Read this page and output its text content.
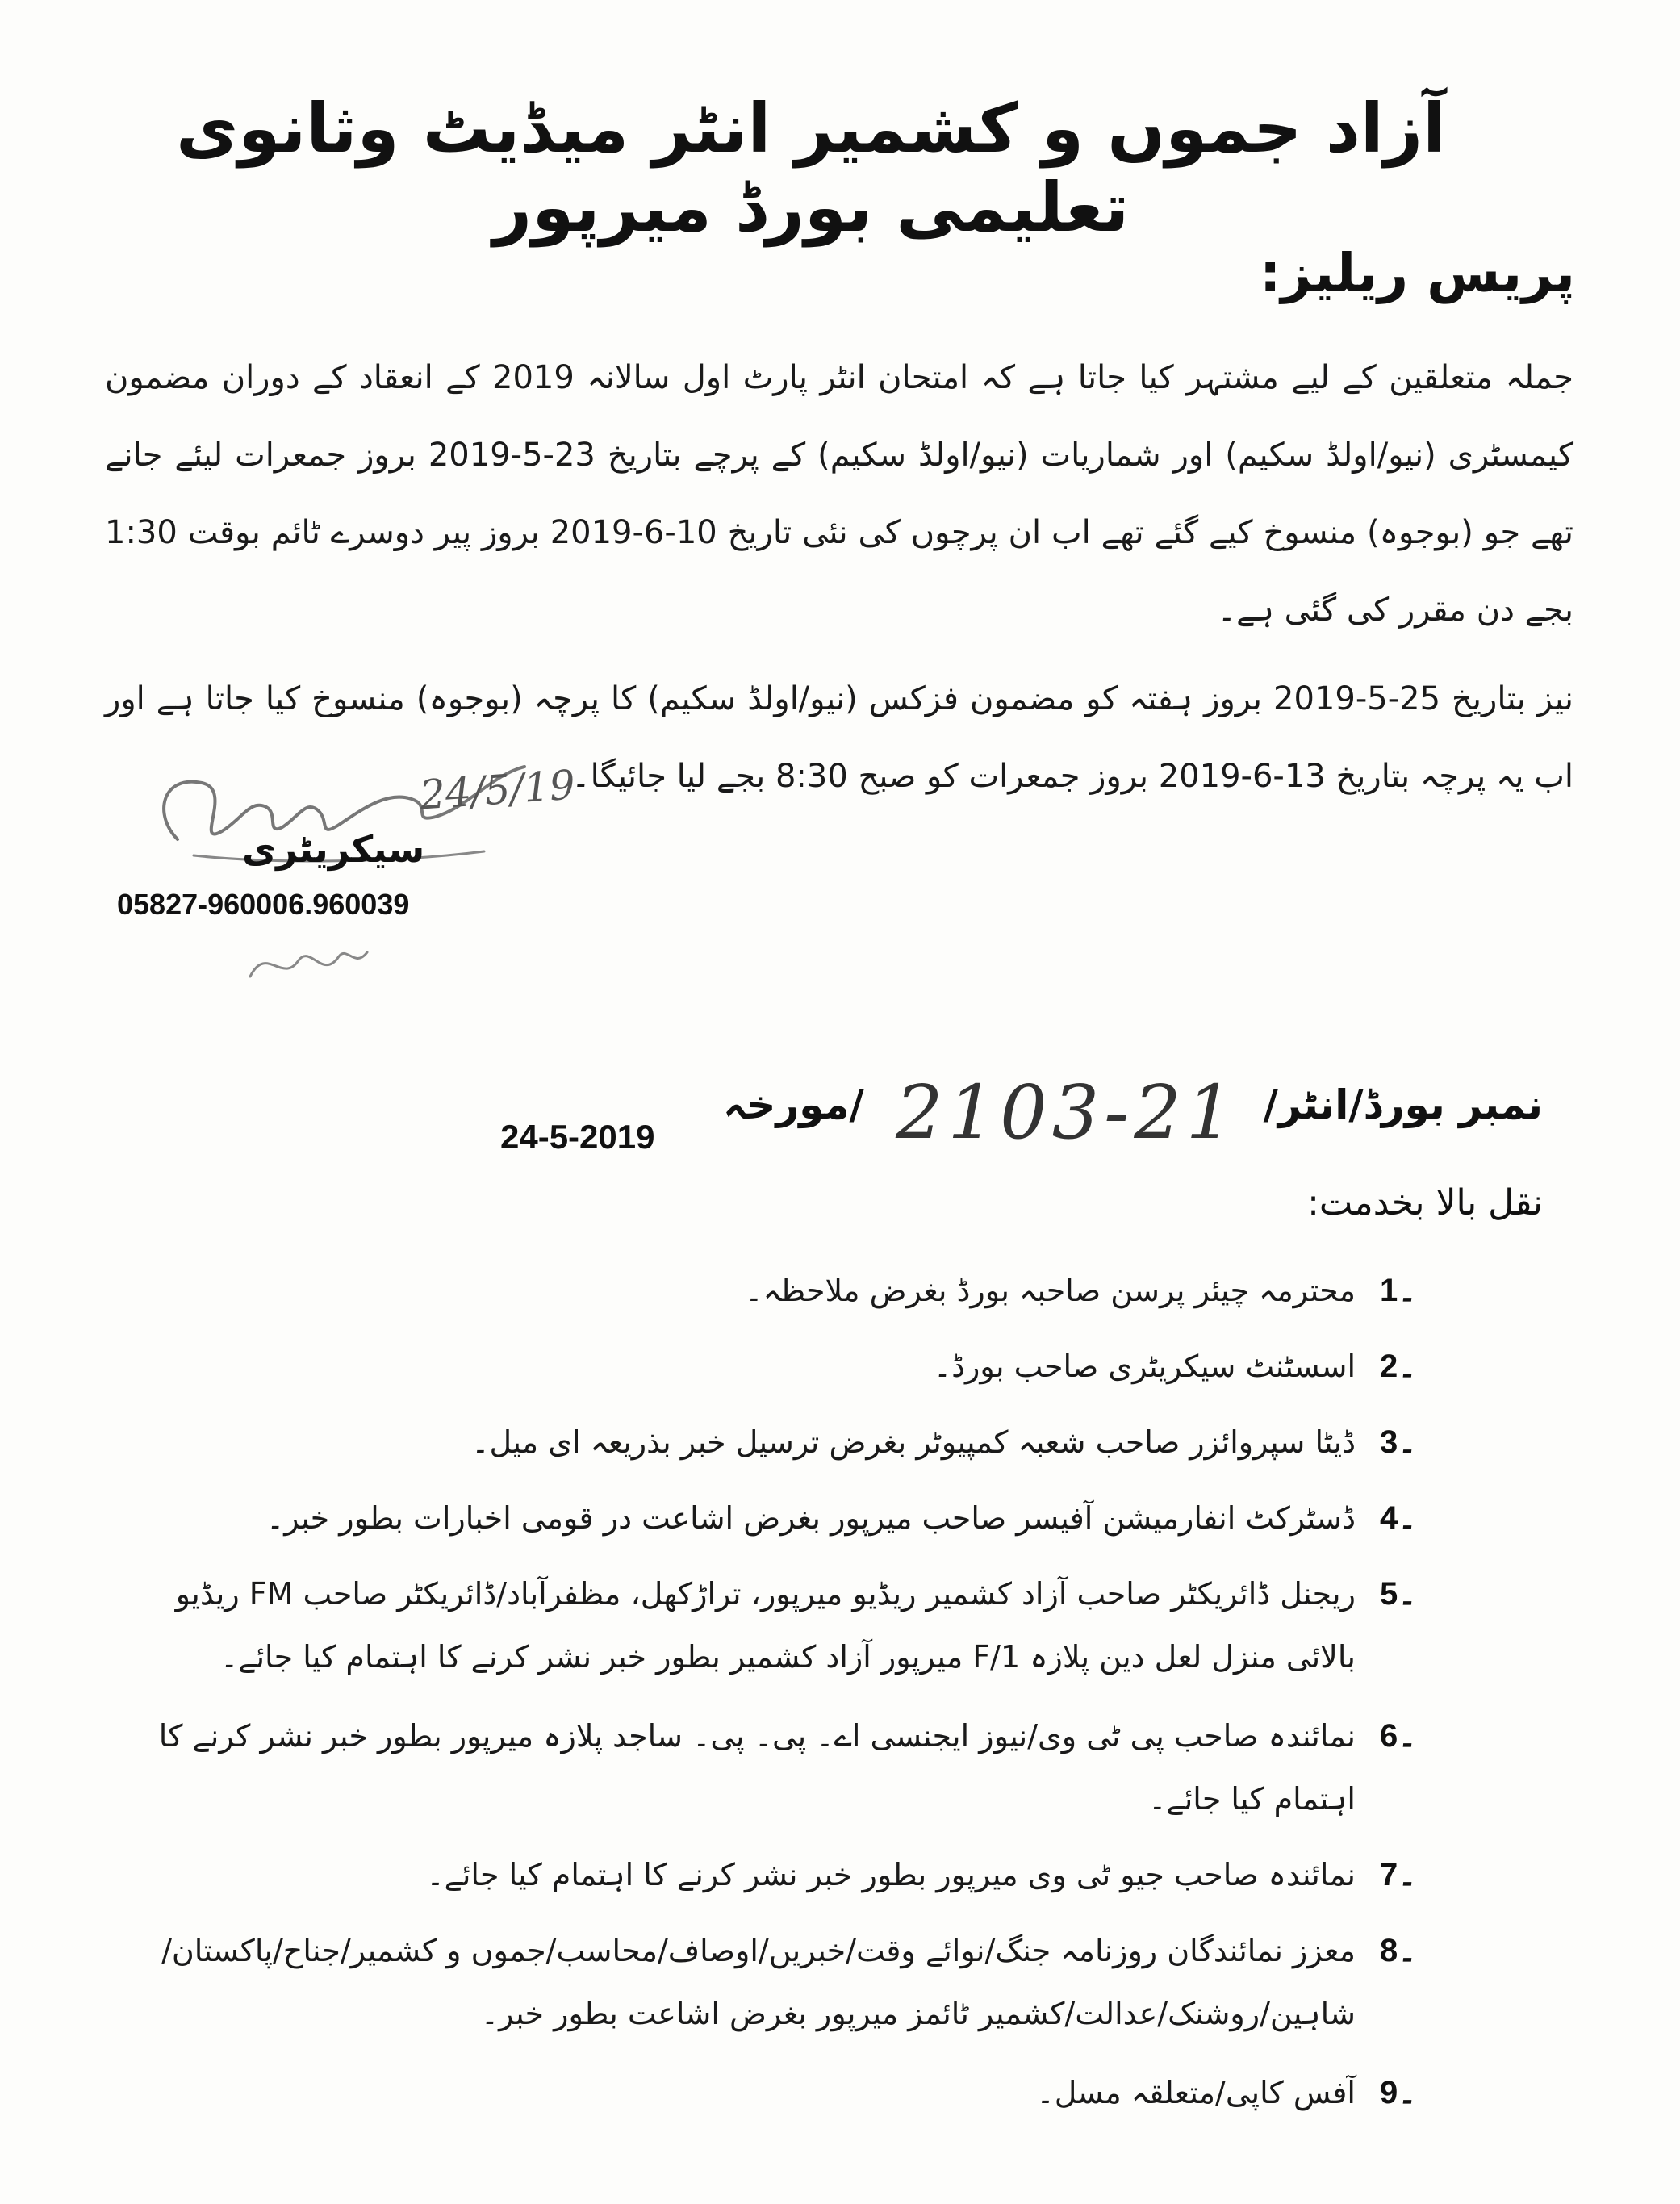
آزاد جموں و کشمیر انٹر میڈیٹ وثانوی تعلیمی بورڈ میرپور
پریس ریلیز:

جملہ متعلقین کے لیے مشتہر کیا جاتا ہے کہ امتحان انٹر پارٹ اول سالانہ 2019 کے انعقاد کے دوران مضمون کیمسٹری (نیو/اولڈ سکیم) اور شماریات (نیو/اولڈ سکیم) کے پرچے بتاریخ 23-5-2019 بروز جمعرات لیئے جانے تھے جو (بوجوہ) منسوخ کیے گئے تھے اب ان پرچوں کی نئی تاریخ 10-6-2019 بروز پیر دوسرے ٹائم بوقت 1:30 بجے دن مقرر کی گئی ہے۔

نیز بتاریخ 25-5-2019 بروز ہفتہ کو مضمون فزکس (نیو/اولڈ سکیم) کا پرچہ (بوجوہ) منسوخ کیا جاتا ہے اور اب یہ پرچہ بتاریخ 13-6-2019 بروز جمعرات کو صبح 8:30 بجے لیا جائیگا۔

24/5/19
سیکریٹری
05827-960006.960039
نمبر بورڈ/انٹر/  /مورخہ 2103-21
24-5-2019
نقل بالا بخدمت:
1۔
محترمہ چیئر پرسن صاحبہ بورڈ بغرض ملاحظہ۔
2۔
اسسٹنٹ سیکریٹری صاحب بورڈ۔
3۔
ڈیٹا سپروائزر صاحب شعبہ کمپیوٹر بغرض ترسیل خبر بذریعہ ای میل۔
4۔
ڈسٹرکٹ انفارمیشن آفیسر صاحب میرپور بغرض اشاعت در قومی اخبارات بطور خبر۔
5۔
ریجنل ڈائریکٹر صاحب آزاد کشمیر ریڈیو میرپور، تراڑکھل، مظفرآباد/ڈائریکٹر صاحب FM ریڈیو بالائی منزل لعل دین پلازہ F/1 میرپور آزاد کشمیر بطور خبر نشر کرنے کا اہتمام کیا جائے۔
6۔
نمائندہ صاحب پی ٹی وی/نیوز ایجنسی اے۔ پی۔ پی۔ ساجد پلازہ میرپور بطور خبر نشر کرنے کا اہتمام کیا جائے۔
7۔
نمائندہ صاحب جیو ٹی وی میرپور بطور خبر نشر کرنے کا اہتمام کیا جائے۔
8۔
معزز نمائندگان روزنامہ جنگ/نوائے وقت/خبریں/اوصاف/محاسب/جموں و کشمیر/جناح/پاکستان/شاہین/روشنک/عدالت/کشمیر ٹائمز میرپور بغرض اشاعت بطور خبر۔
9۔
آفس کاپی/متعلقہ مسل۔
